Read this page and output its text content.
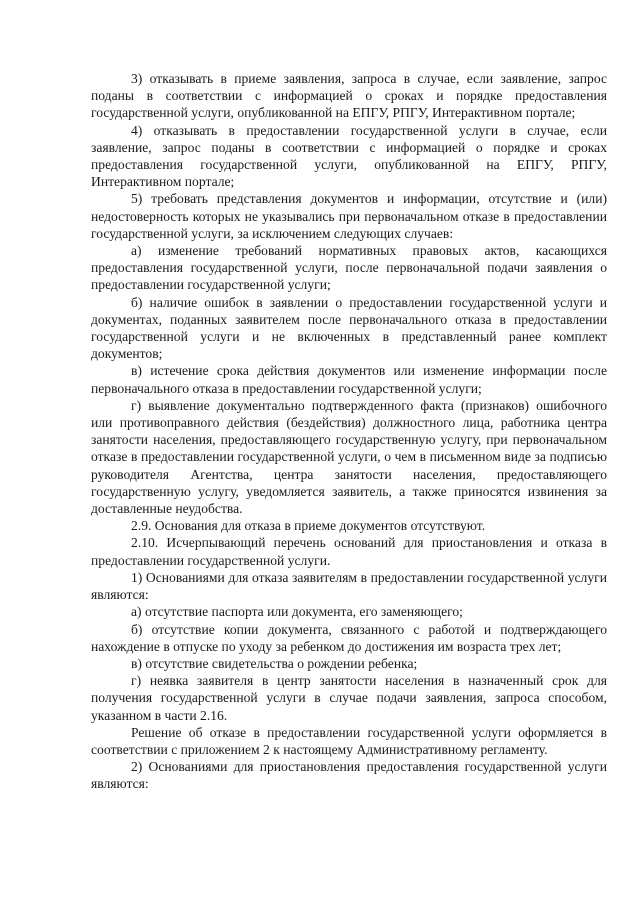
3) отказывать в приеме заявления, запроса в случае, если заявление, запрос поданы в соответствии с информацией о сроках и порядке предоставления государственной услуги, опубликованной на ЕПГУ, РПГУ, Интерактивном портале;

4) отказывать в предоставлении государственной услуги в случае, если заявление, запрос поданы в соответствии с информацией о порядке и сроках предоставления государственной услуги, опубликованной на ЕПГУ, РПГУ, Интерактивном портале;

5) требовать представления документов и информации, отсутствие и (или) недостоверность которых не указывались при первоначальном отказе в предоставлении государственной услуги, за исключением следующих случаев:

а) изменение требований нормативных правовых актов, касающихся предоставления государственной услуги, после первоначальной подачи заявления о предоставлении государственной услуги;

б) наличие ошибок в заявлении о предоставлении государственной услуги и документах, поданных заявителем после первоначального отказа в предоставлении государственной услуги и не включенных в представленный ранее комплект документов;

в) истечение срока действия документов или изменение информации после первоначального отказа в предоставлении государственной услуги;

г) выявление документально подтвержденного факта (признаков) ошибочного или противоправного действия (бездействия) должностного лица, работника центра занятости населения, предоставляющего государственную услугу, при первоначальном отказе в предоставлении государственной услуги, о чем в письменном виде за подписью руководителя Агентства, центра занятости населения, предоставляющего государственную услугу, уведомляется заявитель, а также приносятся извинения за доставленные неудобства.

2.9. Основания для отказа в приеме документов отсутствуют.

2.10. Исчерпывающий перечень оснований для приостановления и отказа в предоставлении государственной услуги.

1) Основаниями для отказа заявителям в предоставлении государственной услуги являются:

а) отсутствие паспорта или документа, его заменяющего;

б) отсутствие копии документа, связанного с работой и подтверждающего нахождение в отпуске по уходу за ребенком до достижения им возраста трех лет;

в) отсутствие свидетельства о рождении ребенка;

г) неявка заявителя в центр занятости населения в назначенный срок для получения государственной услуги в случае подачи заявления, запроса способом, указанном в части 2.16.

Решение об отказе в предоставлении государственной услуги оформляется в соответствии с приложением 2 к настоящему Административному регламенту.

2) Основаниями для приостановления предоставления государственной услуги являются:
